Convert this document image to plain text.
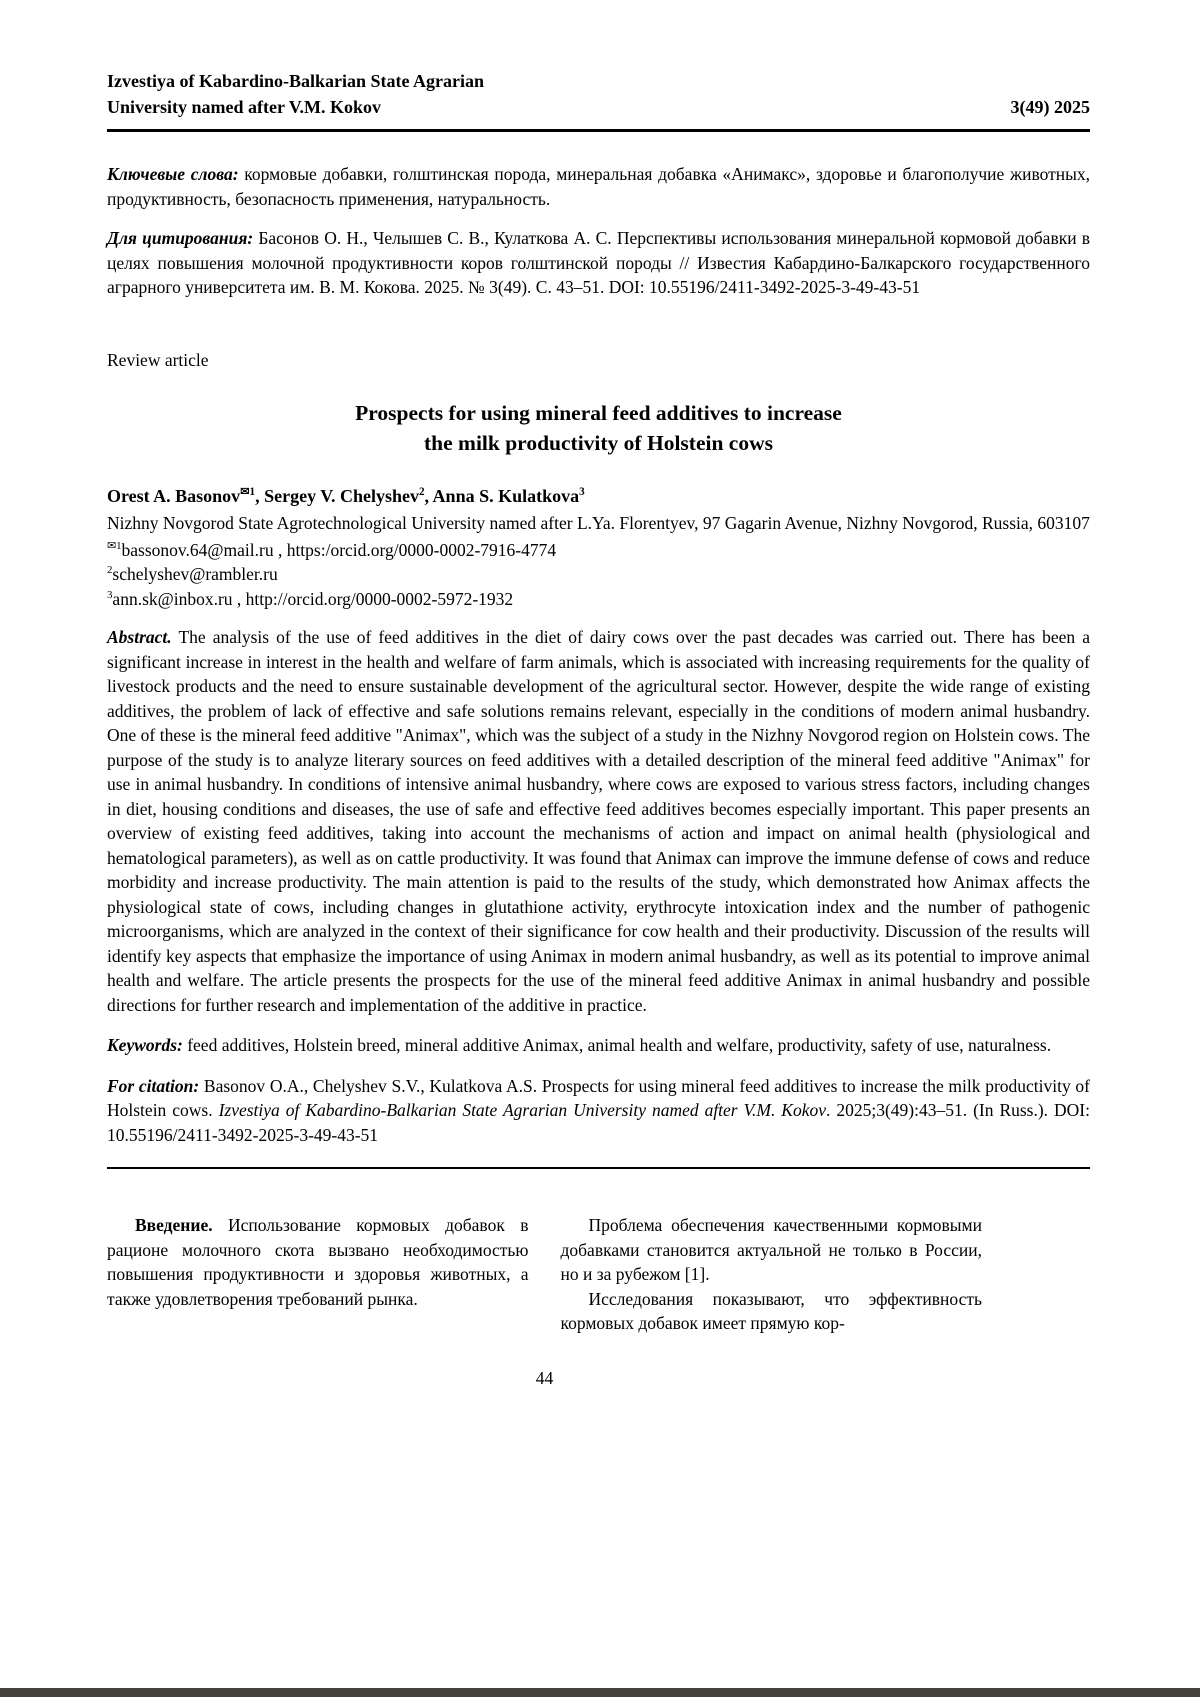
Izvestiya of Kabardino-Balkarian State Agrarian
University named after V.M. Kokov	3(49) 2025

Ключевые слова: кормовые добавки, голштинская порода, минеральная добавка «Анимакс», здоровье и благополучие животных, продуктивность, безопасность применения, натуральность.

Для цитирования: Басонов О. Н., Челышев С. В., Кулаткова А. С. Перспективы использования минеральной кормовой добавки в целях повышения молочной продуктивности коров голштинской породы // Известия Кабардино-Балкарского государственного аграрного университета им. В. М. Кокова. 2025. № 3(49). С. 43–51. DOI: 10.55196/2411-3492-2025-3-49-43-51

Review article

Prospects for using mineral feed additives to increase
the milk productivity of Holstein cows

Orest A. Basonov$^{✉1}$, Sergey V. Chelyshev$^2$, Anna S. Kulatkova$^3$

Nizhny Novgorod State Agrotechnological University named after L.Ya. Florentyev, 97 Gagarin Avenue, Nizhny Novgorod, Russia, 603107

$^{✉1}$bassonov.64@mail.ru , https:/orcid.org/0000-0002-7916-4774

$^2$schelyshev@rambler.ru

$^3$ann.sk@inbox.ru , http://orcid.org/0000-0002-5972-1932

Abstract. The analysis of the use of feed additives in the diet of dairy cows over the past decades was carried out. There has been a significant increase in interest in the health and welfare of farm animals, which is associated with increasing requirements for the quality of livestock products and the need to ensure sustainable development of the agricultural sector. However, despite the wide range of existing additives, the problem of lack of effective and safe solutions remains relevant, especially in the conditions of modern animal husbandry. One of these is the mineral feed additive "Animax", which was the subject of a study in the Nizhny Novgorod region on Holstein cows. The purpose of the study is to analyze literary sources on feed additives with a detailed description of the mineral feed additive "Animax" for use in animal husbandry. In conditions of intensive animal husbandry, where cows are exposed to various stress factors, including changes in diet, housing conditions and diseases, the use of safe and effective feed additives becomes especially important. This paper presents an overview of existing feed additives, taking into account the mechanisms of action and impact on animal health (physiological and hematological parameters), as well as on cattle productivity. It was found that Animax can improve the immune defense of cows and reduce morbidity and increase productivity. The main attention is paid to the results of the study, which demonstrated how Animax affects the physiological state of cows, including changes in glutathione activity, erythrocyte intoxication index and the number of pathogenic microorganisms, which are analyzed in the context of their significance for cow health and their productivity. Discussion of the results will identify key aspects that emphasize the importance of using Animax in modern animal husbandry, as well as its potential to improve animal health and welfare. The article presents the prospects for the use of the mineral feed additive Animax in animal husbandry and possible directions for further research and implementation of the additive in practice.

Keywords: feed additives, Holstein breed, mineral additive Animax, animal health and welfare, productivity, safety of use, naturalness.

For citation: Basonov O.A., Chelyshev S.V., Kulatkova A.S. Prospects for using mineral feed additives to increase the milk productivity of Holstein cows. Izvestiya of Kabardino-Balkarian State Agrarian University named after V.M. Kokov. 2025;3(49):43–51. (In Russ.). DOI: 10.55196/2411-3492-2025-3-49-43-51

Введение. Использование кормовых добавок в рационе молочного скота вызвано необходимостью повышения продуктивности и здоровья животных, а также удовлетворения требований рынка.

Проблема обеспечения качественными кормовыми добавками становится актуальной не только в России, но и за рубежом [1].

Исследования показывают, что эффективность кормовых добавок имеет прямую кор-

44
